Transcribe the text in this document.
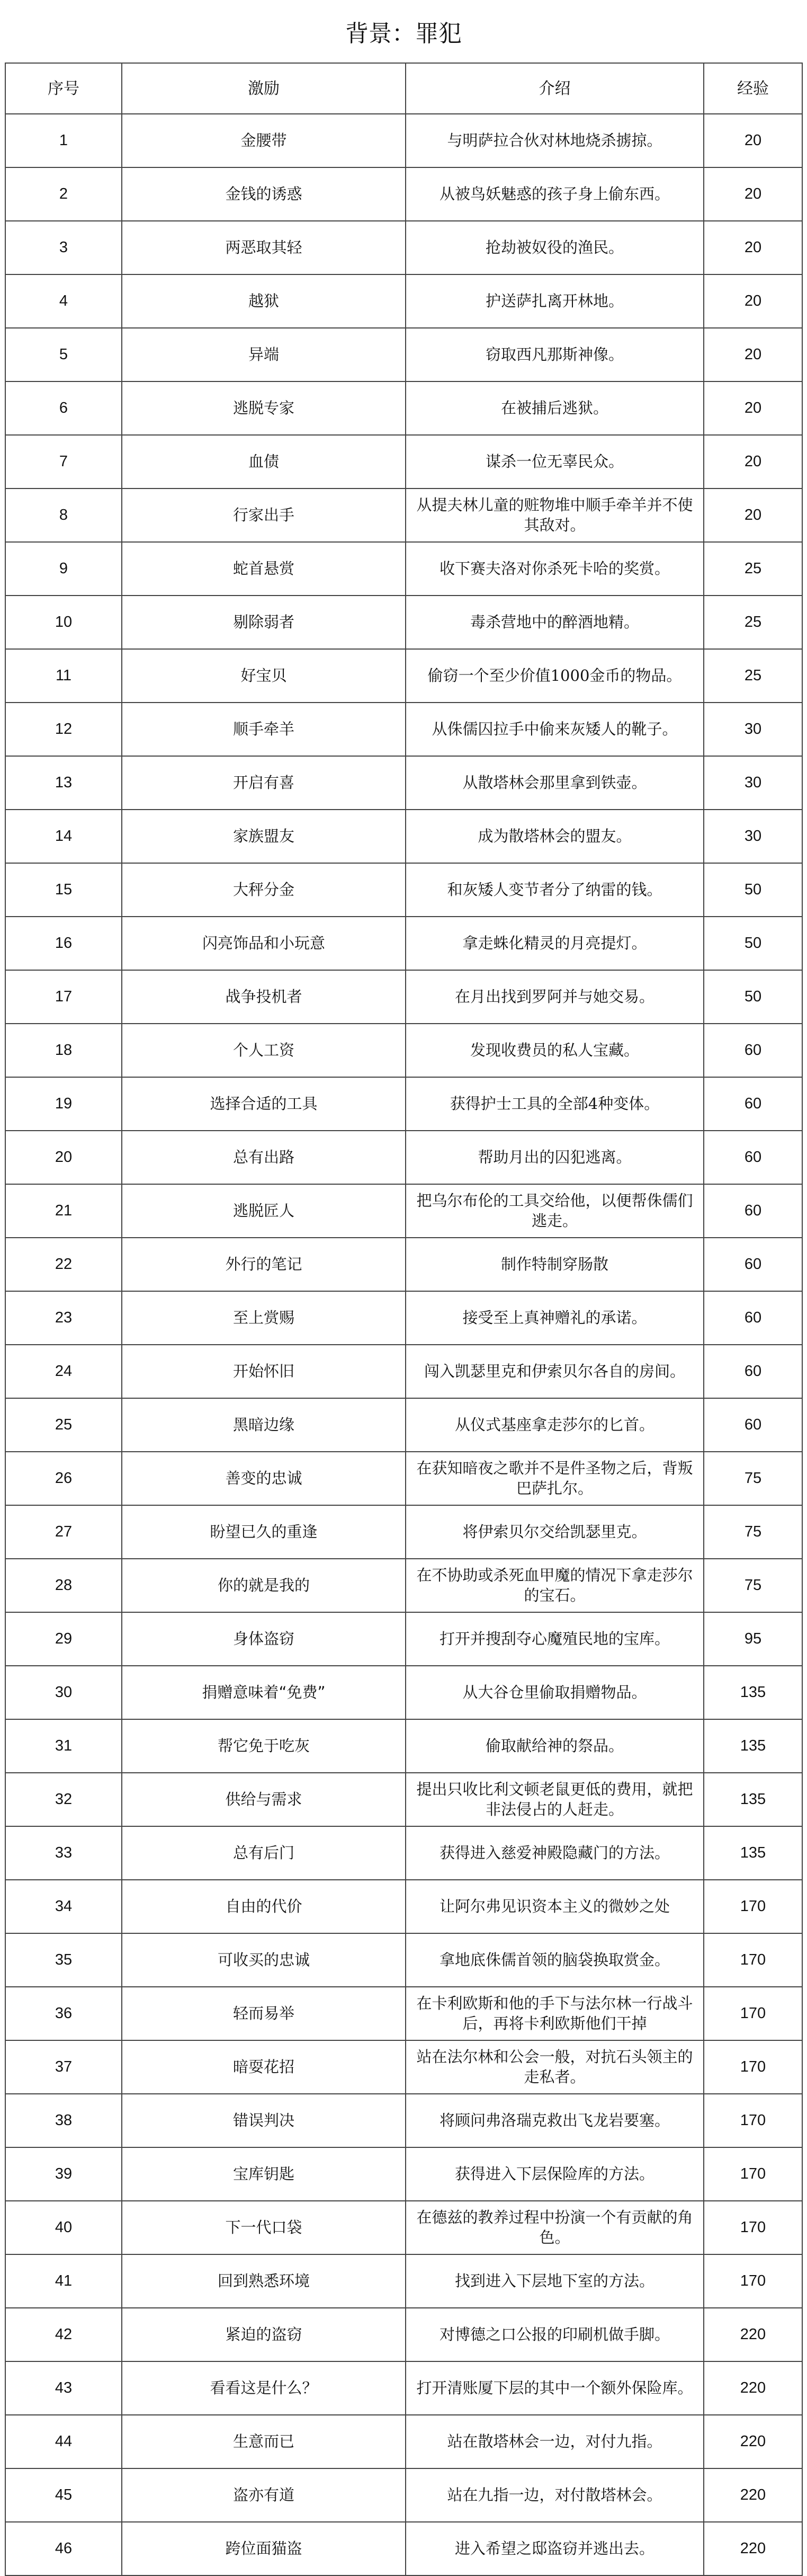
背景：罪犯
序号	激励	介绍	经验
1	金腰带	与明萨拉合伙对林地烧杀掳掠。	20
2	金钱的诱惑	从被鸟妖魅惑的孩子身上偷东西。	20
3	两恶取其轻	抢劫被奴役的渔民。	20
4	越狱	护送萨扎离开林地。	20
5	异端	窃取西凡那斯神像。	20
6	逃脱专家	在被捕后逃狱。	20
7	血债	谋杀一位无辜民众。	20
8	行家出手	从提夫林儿童的赃物堆中顺手牵羊并不使其敌对。	20
9	蛇首悬赏	收下赛夫洛对你杀死卡哈的奖赏。	25
10	剔除弱者	毒杀营地中的醉酒地精。	25
11	好宝贝	偷窃一个至少价值1000金币的物品。	25
12	顺手牵羊	从侏儒囚拉手中偷来灰矮人的靴子。	30
13	开启有喜	从散塔林会那里拿到铁壶。	30
14	家族盟友	成为散塔林会的盟友。	30
15	大秤分金	和灰矮人变节者分了纳雷的钱。	50
16	闪亮饰品和小玩意	拿走蛛化精灵的月亮提灯。	50
17	战争投机者	在月出找到罗阿并与她交易。	50
18	个人工资	发现收费员的私人宝藏。	60
19	选择合适的工具	获得护士工具的全部4种变体。	60
20	总有出路	帮助月出的囚犯逃离。	60
21	逃脱匠人	把乌尔布伦的工具交给他，以便帮侏儒们逃走。	60
22	外行的笔记	制作特制穿肠散	60
23	至上赏赐	接受至上真神赠礼的承诺。	60
24	开始怀旧	闯入凯瑟里克和伊索贝尔各自的房间。	60
25	黑暗边缘	从仪式基座拿走莎尔的匕首。	60
26	善变的忠诚	在获知暗夜之歌并不是件圣物之后，背叛巴萨扎尔。	75
27	盼望已久的重逢	将伊索贝尔交给凯瑟里克。	75
28	你的就是我的	在不协助或杀死血甲魔的情况下拿走莎尔的宝石。	75
29	身体盗窃	打开并搜刮夺心魔殖民地的宝库。	95
30	捐赠意味着“免费”	从大谷仓里偷取捐赠物品。	135
31	帮它免于吃灰	偷取献给神的祭品。	135
32	供给与需求	提出只收比利文顿老鼠更低的费用，就把非法侵占的人赶走。	135
33	总有后门	获得进入慈爱神殿隐藏门的方法。	135
34	自由的代价	让阿尔弗见识资本主义的微妙之处	170
35	可收买的忠诚	拿地底侏儒首领的脑袋换取赏金。	170
36	轻而易举	在卡利欧斯和他的手下与法尔林一行战斗后，再将卡利欧斯他们干掉	170
37	暗耍花招	站在法尔林和公会一般，对抗石头领主的走私者。	170
38	错误判决	将顾问弗洛瑞克救出飞龙岩要塞。	170
39	宝库钥匙	获得进入下层保险库的方法。	170
40	下一代口袋	在德兹的教养过程中扮演一个有贡献的角色。	170
41	回到熟悉环境	找到进入下层地下室的方法。	170
42	紧迫的盗窃	对博德之口公报的印刷机做手脚。	220
43	看看这是什么？	打开清账厦下层的其中一个额外保险库。	220
44	生意而已	站在散塔林会一边，对付九指。	220
45	盗亦有道	站在九指一边，对付散塔林会。	220
46	跨位面猫盗	进入希望之邸盗窃并逃出去。	220
